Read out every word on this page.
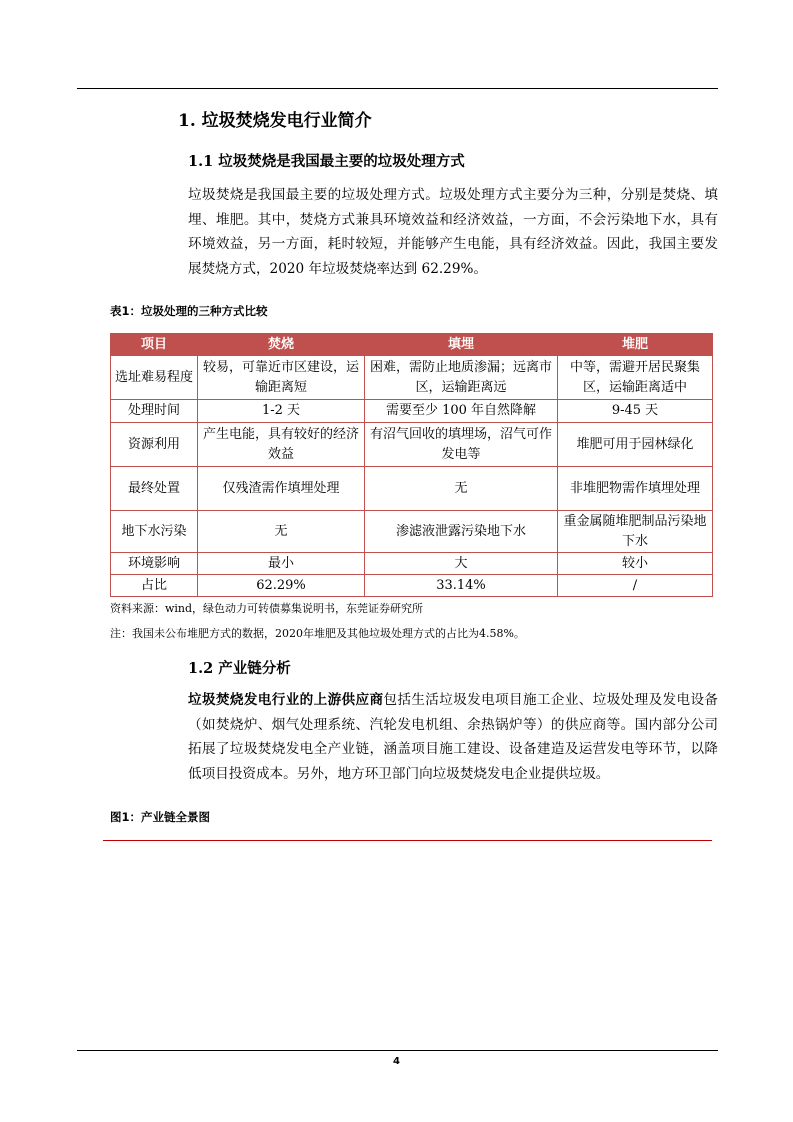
1. 垃圾焚烧发电行业简介
1.1 垃圾焚烧是我国最主要的垃圾处理方式
垃圾焚烧是我国最主要的垃圾处理方式。垃圾处理方式主要分为三种，分别是焚烧、填埋、堆肥。其中，焚烧方式兼具环境效益和经济效益，一方面，不会污染地下水，具有环境效益，另一方面，耗时较短，并能够产生电能，具有经济效益。因此，我国主要发展焚烧方式，2020 年垃圾焚烧率达到 62.29%。
表1：垃圾处理的三种方式比较
项目	焚烧	填埋	堆肥
选址难易程度	较易，可靠近市区建设，运输距离短	困难，需防止地质渗漏；远离市区，运输距离远	中等，需避开居民聚集区，运输距离适中
处理时间	1-2 天	需要至少 100 年自然降解	9-45 天
资源利用	产生电能，具有较好的经济效益	有沼气回收的填埋场，沼气可作发电等	堆肥可用于园林绿化
最终处置	仅残渣需作填埋处理	无	非堆肥物需作填埋处理
地下水污染	无	渗滤液泄露污染地下水	重金属随堆肥制品污染地下水
环境影响	最小	大	较小
占比	62.29%	33.14%	/
资料来源：wind，绿色动力可转债募集说明书，东莞证券研究所
注：我国未公布堆肥方式的数据，2020年堆肥及其他垃圾处理方式的占比为4.58%。
1.2 产业链分析
垃圾焚烧发电行业的上游供应商包括生活垃圾发电项目施工企业、垃圾处理及发电设备（如焚烧炉、烟气处理系统、汽轮发电机组、余热锅炉等）的供应商等。国内部分公司拓展了垃圾焚烧发电全产业链，涵盖项目施工建设、设备建造及运营发电等环节，以降低项目投资成本。另外，地方环卫部门向垃圾焚烧发电企业提供垃圾。
图1：产业链全景图
4
